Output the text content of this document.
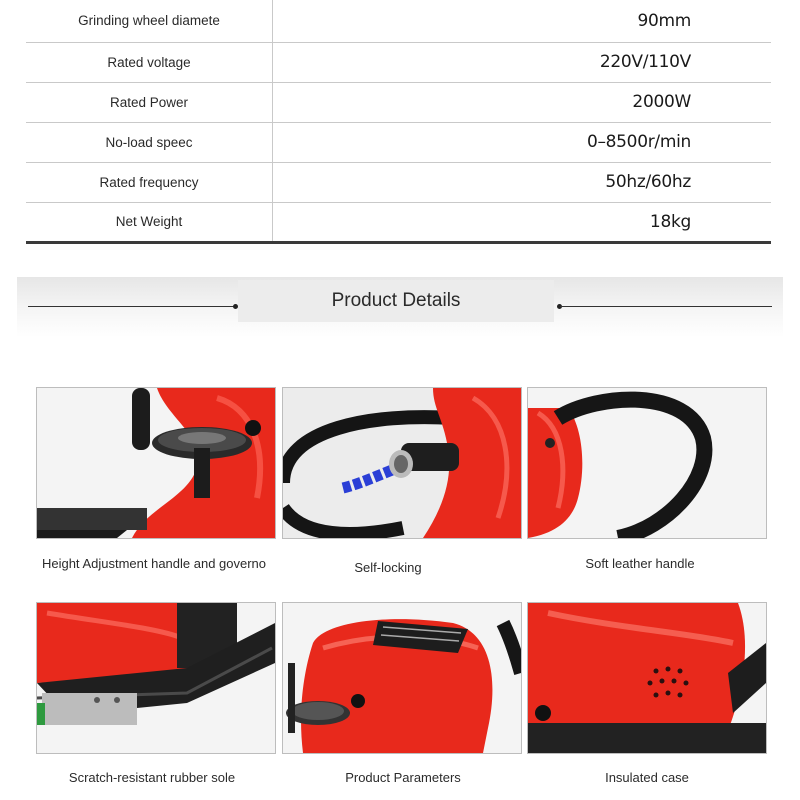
Grinding wheel diamete	90mm
Rated voltage	220V/110V
Rated Power	2000W
No-load speec	0–8500r/min
Rated frequency	50hz/60hz
Net Weight	18kg
Product Details
Height Adjustment handle and governo	Self-locking	Soft leather handle
Scratch-resistant rubber sole	Product Parameters	Insulated case
